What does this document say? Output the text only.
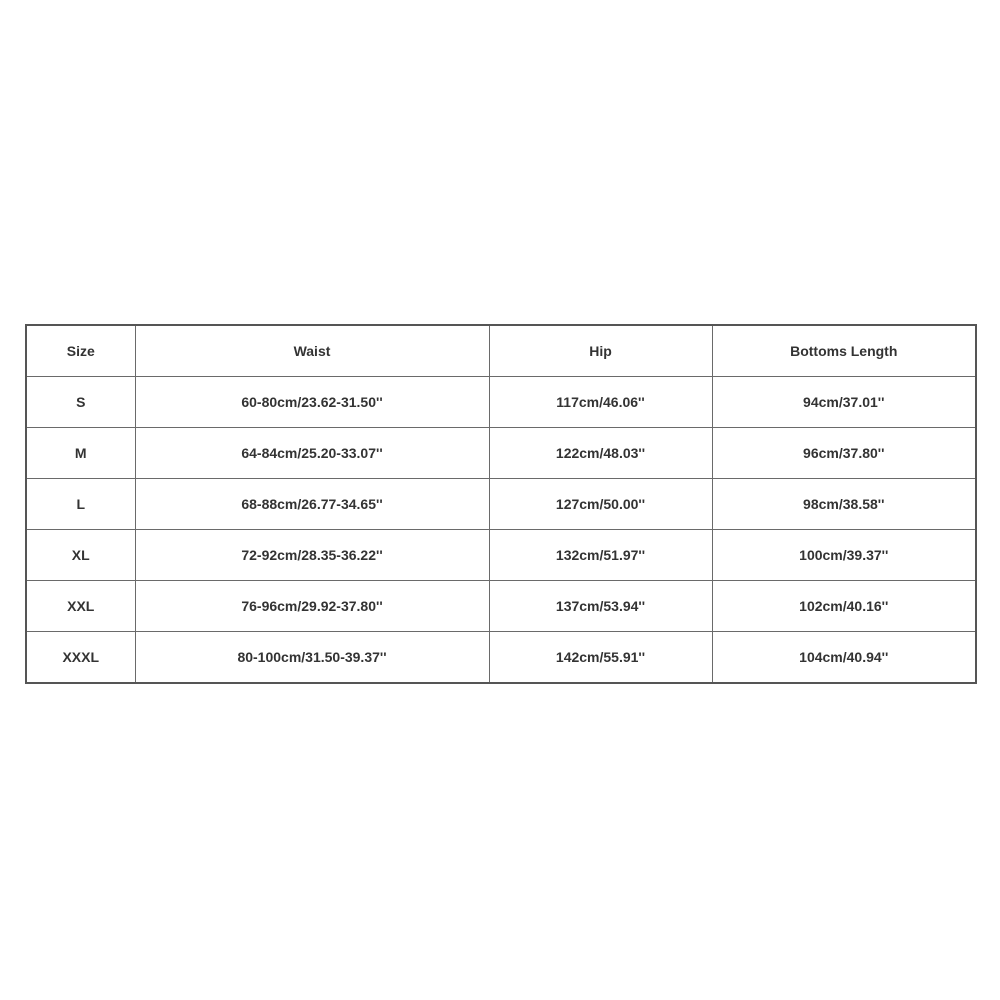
Size	Waist	Hip	Bottoms Length
S	60-80cm/23.62-31.50''	117cm/46.06''	94cm/37.01''
M	64-84cm/25.20-33.07''	122cm/48.03''	96cm/37.80''
L	68-88cm/26.77-34.65''	127cm/50.00''	98cm/38.58''
XL	72-92cm/28.35-36.22''	132cm/51.97''	100cm/39.37''
XXL	76-96cm/29.92-37.80''	137cm/53.94''	102cm/40.16''
XXXL	80-100cm/31.50-39.37''	142cm/55.91''	104cm/40.94''
